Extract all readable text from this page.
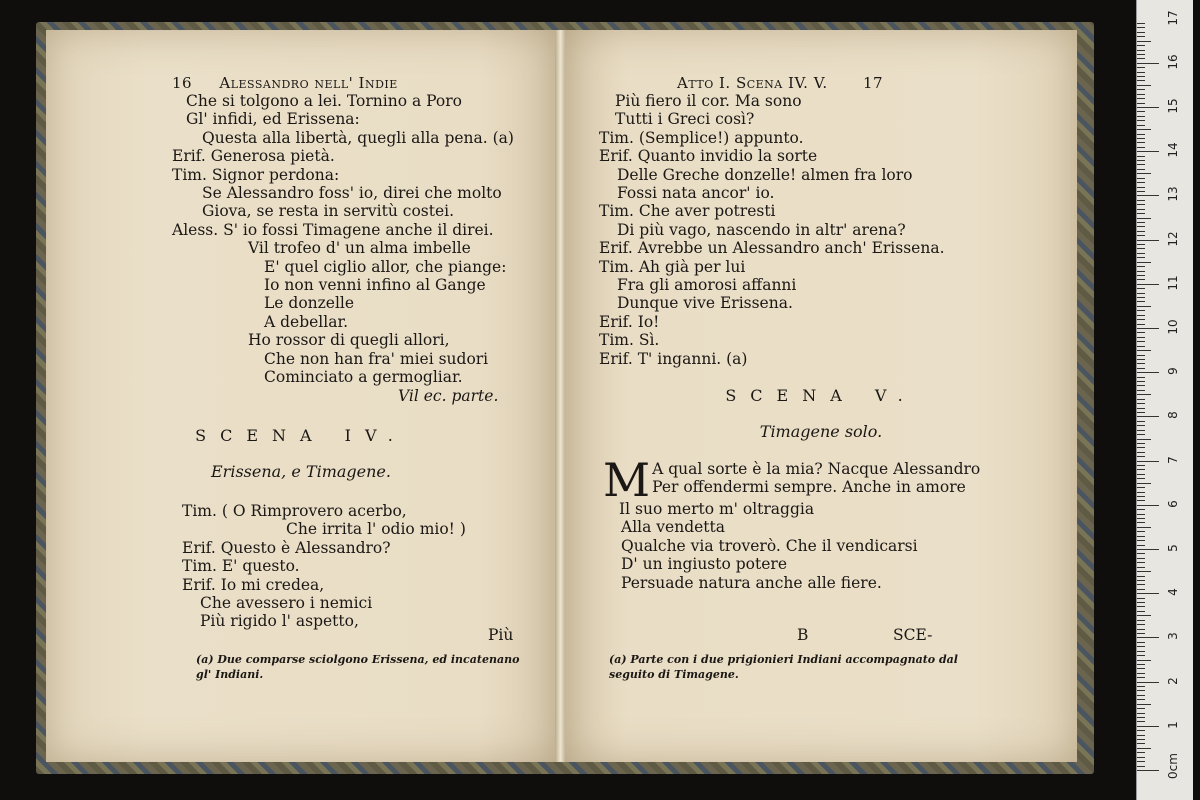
16 Alessandro nell' Indie
Che si tolgono a lei. Tornino a Poro
Gl' infidi, ed Erissena:
Questa alla libertà, quegli alla pena. (a)
Erif. Generosa pietà.
Tim. Signor perdona:
Se Alessandro foss' io, direi che molto
Giova, se resta in servitù costei.
Aless. S' io fossi Timagene anche il direi.
Vil trofeo d' un alma imbelle
E' quel ciglio allor, che piange:
Io non venni infino al Gange
Le donzelle
A debellar.
Ho rossor di quegli allori,
Che non han fra' miei sudori
Cominciato a germogliar.
Vil ec. parte.
SCENA IV.
Erissena, e Timagene.
Tim. ( O Rimprovero acerbo,
Che irrita l' odio mio! )
Erif. Questo è Alessandro?
Tim. E' questo.
Erif. Io mi credea,
Che avessero i nemici
Più rigido l' aspetto,
Più
(a) Due comparse sciolgono Erissena, ed incatenano gl' Indiani.
Atto I. Scena IV. V. 17
Più fiero il cor. Ma sono
Tutti i Greci così?
Tim. (Semplice!) appunto.
Erif. Quanto invidio la sorte
Delle Greche donzelle! almen fra loro
Fossi nata ancor' io.
Tim. Che aver potresti
Di più vago, nascendo in altr' arena?
Erif. Avrebbe un Alessandro anch' Erissena.
Tim. Ah già per lui
Fra gli amorosi affanni
Dunque vive Erissena.
Erif. Io!
Tim. Sì.
Erif. T' inganni. (a)
SCENA V.
Timagene solo.
M A qual sorte è la mia? Nacque Alessandro
Per offendermi sempre. Anche in amore
Il suo merto m' oltraggia
Alla vendetta
Qualche via troverò. Che il vendicarsi
D' un ingiusto potere
Persuade natura anche alle fiere.
B	SCE-
(a) Parte con i due prigionieri Indiani accompagnato dal seguito di Timagene.
0cm
1
2
3
4
5
6
7
8
9
10
11
12
13
14
15
16
17
